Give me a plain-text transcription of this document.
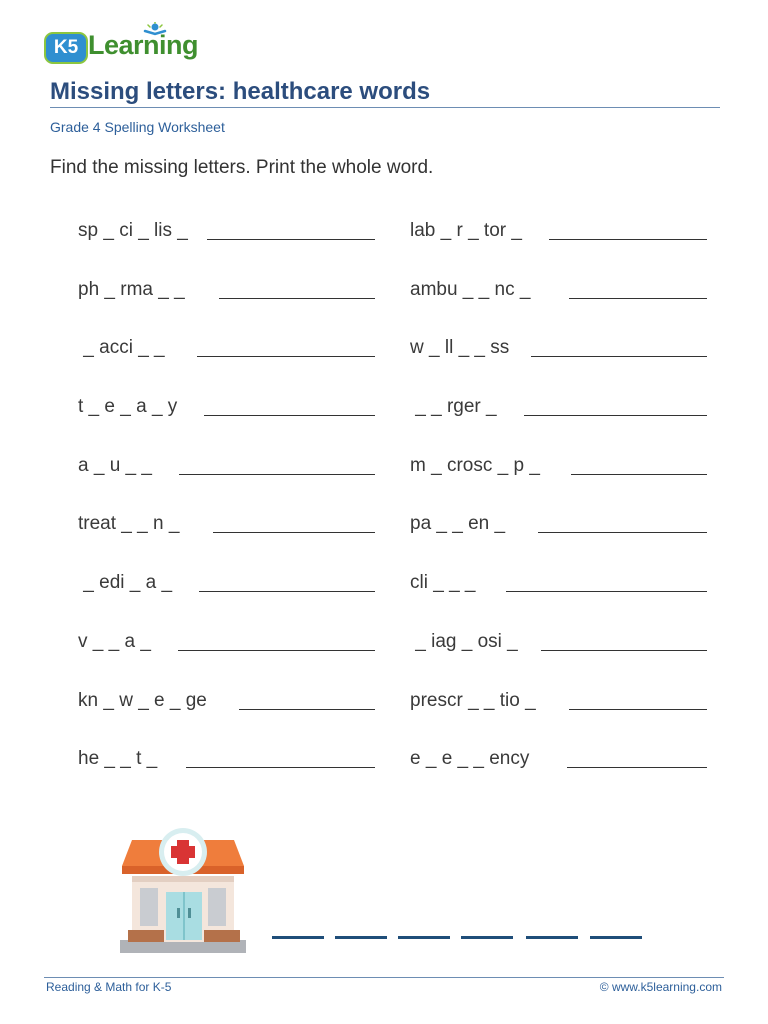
K5 Learning
Missing letters: healthcare words
Grade 4 Spelling Worksheet
Find the missing letters. Print the whole word.
sp _ ci _ lis _
ph _ rma _ _
_ acci _ _
t _ e _ a _ y
a _ u _ _
treat _ _ n _
_ edi _ a _
v _ _ a _
kn _ w _ e _ ge
he _ _ t _
lab _ r _ tor _
ambu _ _ nc _
w _ ll _ _ ss
_ _ rger _
m _ crosc _ p _
pa _ _ en _
cli _ _ _
_ iag _ osi _
prescr _ _ tio _
e _ e _ _ ency
Reading & Math for K-5	© www.k5learning.com
